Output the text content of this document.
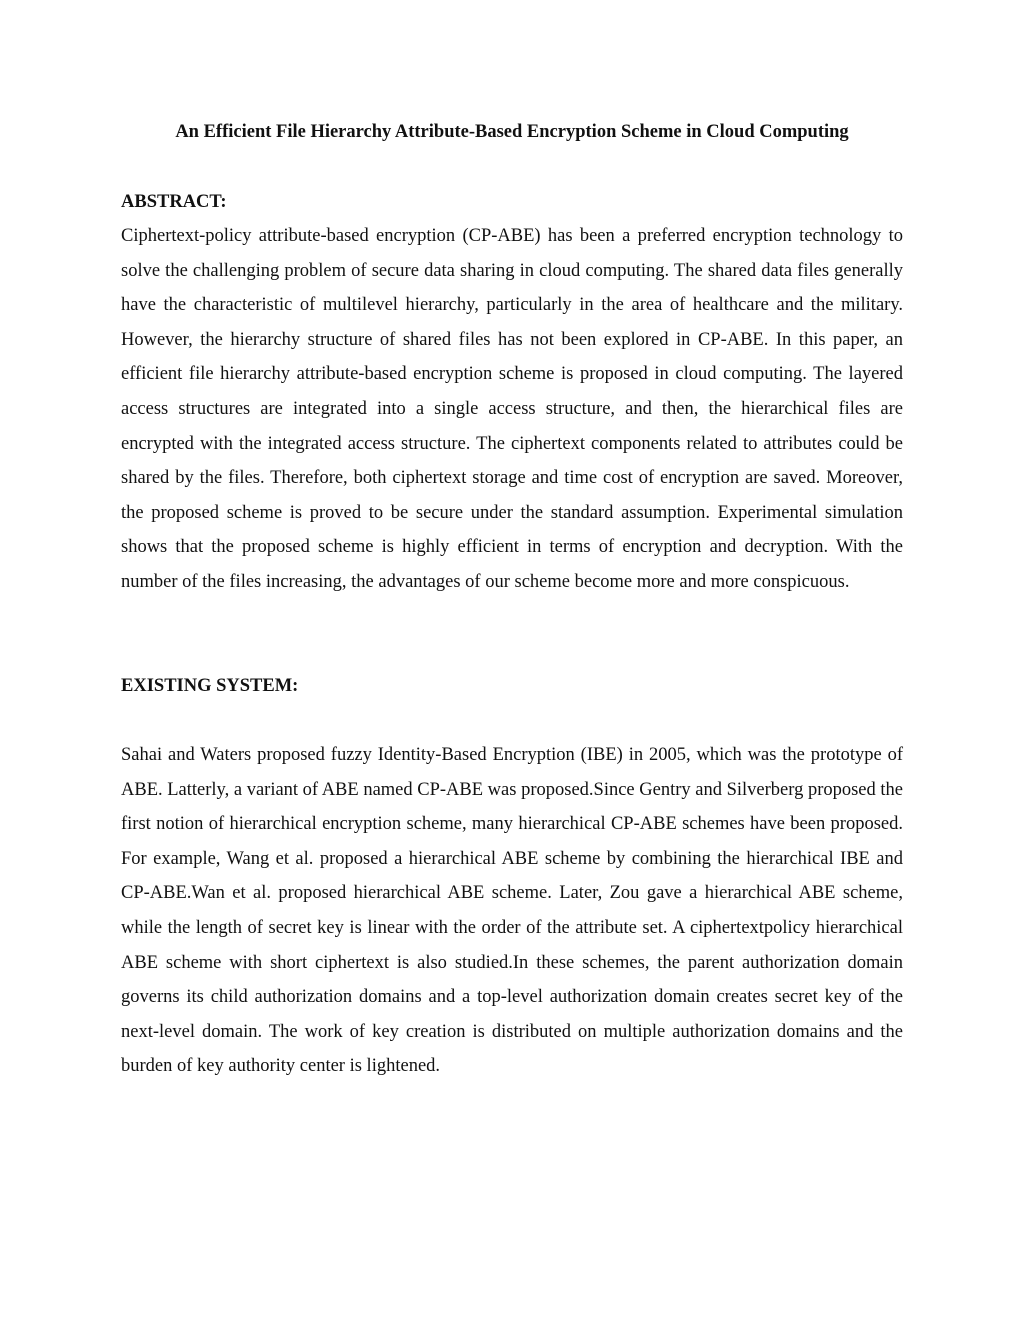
An Efficient File Hierarchy Attribute-Based Encryption Scheme in Cloud Computing
ABSTRACT:

Ciphertext-policy attribute-based encryption (CP-ABE) has been a preferred encryption technology to solve the challenging problem of secure data sharing in cloud computing. The shared data files generally have the characteristic of multilevel hierarchy, particularly in the area of healthcare and the military. However, the hierarchy structure of shared files has not been explored in CP-ABE. In this paper, an efficient file hierarchy attribute-based encryption scheme is proposed in cloud computing. The layered access structures are integrated into a single access structure, and then, the hierarchical files are encrypted with the integrated access structure. The ciphertext components related to attributes could be shared by the files. Therefore, both ciphertext storage and time cost of encryption are saved. Moreover, the proposed scheme is proved to be secure under the standard assumption. Experimental simulation shows that the proposed scheme is highly efficient in terms of encryption and decryption. With the number of the files increasing, the advantages of our scheme become more and more conspicuous.

EXISTING SYSTEM:

Sahai and Waters proposed fuzzy Identity-Based Encryption (IBE) in 2005, which was the prototype of ABE. Latterly, a variant of ABE named CP-ABE was proposed.Since Gentry and Silverberg proposed the first notion of hierarchical encryption scheme, many hierarchical CP-ABE schemes have been proposed. For example, Wang et al. proposed a hierarchical ABE scheme by combining the hierarchical IBE and CP-ABE.Wan et al. proposed hierarchical ABE scheme. Later, Zou gave a hierarchical ABE scheme, while the length of secret key is linear with the order of the attribute set. A ciphertextpolicy hierarchical ABE scheme with short ciphertext is also studied.In these schemes, the parent authorization domain governs its child authorization domains and a top-level authorization domain creates secret key of the next-level domain. The work of key creation is distributed on multiple authorization domains and the burden of key authority center is lightened.
